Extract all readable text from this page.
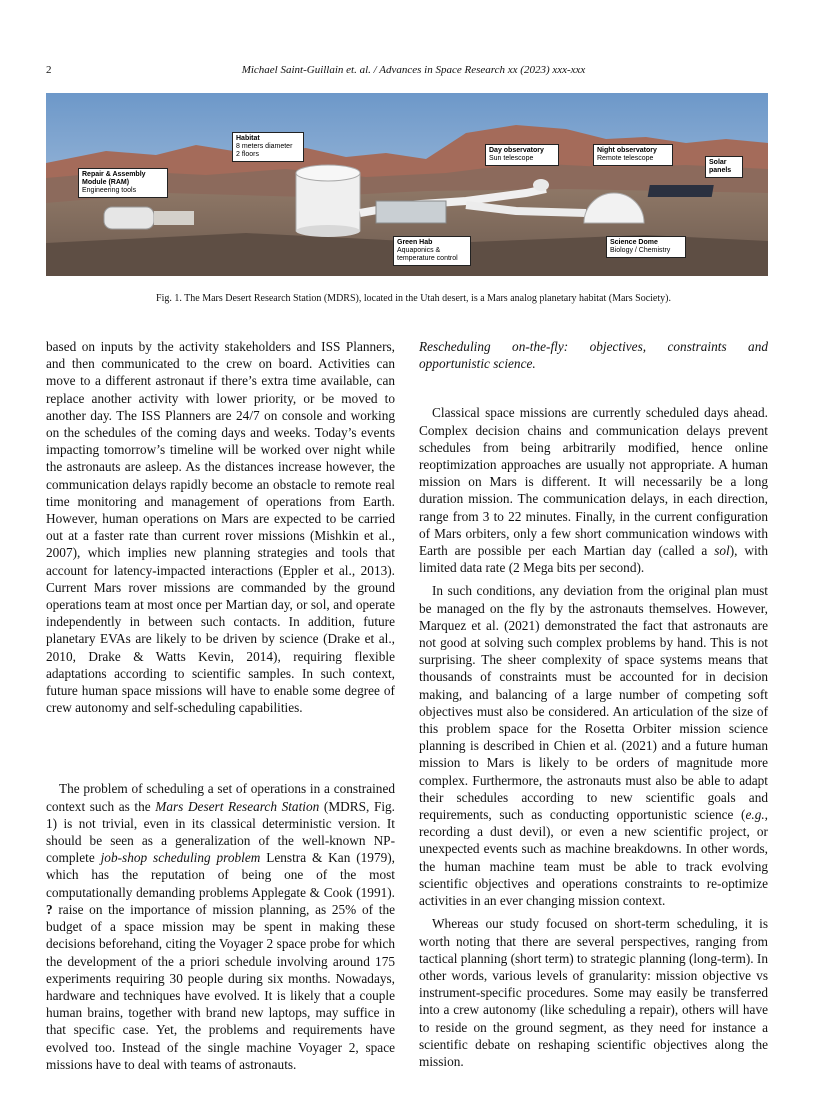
2	Michael Saint-Guillain et. al. / Advances in Space Research xx (2023) xxx-xxx
Habitat
8 meters diameter
2 floors
Repair & Assembly Module (RAM)
Engineering tools
Day observatory
Sun telescope
Night observatory
Remote telescope
Solar panels
Green Hab
Aquaponics &
temperature control
Science Dome
Biology / Chemistry
Fig. 1. The Mars Desert Research Station (MDRS), located in the Utah desert, is a Mars analog planetary habitat (Mars Society).

based on inputs by the activity stakeholders and ISS Planners, and then communicated to the crew on board. Activities can move to a different astronaut if there’s extra time available, can replace another activity with lower priority, or be moved to another day. The ISS Planners are 24/7 on console and working on the schedules of the coming days and weeks. Today’s events impacting tomorrow’s timeline will be worked over night while the astronauts are asleep. As the distances increase however, the communication delays rapidly become an obstacle to remote real time monitoring and management of operations from Earth. However, human operations on Mars are expected to be carried out at a faster rate than current rover missions (Mishkin et al., 2007), which implies new planning strategies and tools that account for latency-impacted interactions (Eppler et al., 2013). Current Mars rover missions are commanded by the ground operations team at most once per Martian day, or sol, and operate independently in between such contacts. In addition, future planetary EVAs are likely to be driven by science (Drake et al., 2010, Drake & Watts Kevin, 2014), requiring flexible adaptations according to scientific samples. In such context, future human space missions will have to enable some degree of crew autonomy and self-scheduling capabilities.

The problem of scheduling a set of operations in a constrained context such as the Mars Desert Research Station (MDRS, Fig. 1) is not trivial, even in its classical deterministic version. It should be seen as a generalization of the well-known NP-complete job-shop scheduling problem Lenstra & Kan (1979), which has the reputation of being one of the most computationally demanding problems Applegate & Cook (1991). ? raise on the importance of mission planning, as 25% of the budget of a space mission may be spent in making these decisions beforehand, citing the Voyager 2 space probe for which the development of the a priori schedule involving around 175 experiments requiring 30 people during six months. Nowadays, hardware and techniques have evolved. It is likely that a couple human brains, together with brand new laptops, may suffice in that specific case. Yet, the problems and requirements have evolved too. Instead of the single machine Voyager 2, space missions have to deal with teams of astronauts.

Rescheduling on-the-fly: objectives, constraints and opportunistic science.

Classical space missions are currently scheduled days ahead. Complex decision chains and communication delays prevent schedules from being arbitrarily modified, hence online reoptimization approaches are usually not appropriate. A human mission on Mars is different. It will necessarily be a long duration mission. The communication delays, in each direction, range from 3 to 22 minutes. Finally, in the current configuration of Mars orbiters, only a few short communication windows with Earth are possible per each Martian day (called a sol), with limited data rate (2 Mega bits per second).

In such conditions, any deviation from the original plan must be managed on the fly by the astronauts themselves. However, Marquez et al. (2021) demonstrated the fact that astronauts are not good at solving such complex problems by hand. This is not surprising. The sheer complexity of space systems means that thousands of constraints must be accounted for in decision making, and balancing of a large number of competing soft objectives must also be considered. An articulation of the size of this problem space for the Rosetta Orbiter mission science planning is described in Chien et al. (2021) and a future human mission to Mars is likely to be orders of magnitude more complex. Furthermore, the astronauts must also be able to adapt their schedules according to new scientific goals and requirements, such as conducting opportunistic science (e.g., recording a dust devil), or even a new scientific project, or unexpected events such as machine breakdowns. In other words, the human machine team must be able to track evolving scientific objectives and operations constraints to re-optimize activities in an ever changing mission context.

Whereas our study focused on short-term scheduling, it is worth noting that there are several perspectives, ranging from tactical planning (short term) to strategic planning (long-term). In other words, various levels of granularity: mission objective vs instrument-specific procedures. Some may easily be transferred into a crew autonomy (like scheduling a repair), others will have to reside on the ground segment, as they need for instance a scientific debate on reshaping scientific objectives along the mission.
